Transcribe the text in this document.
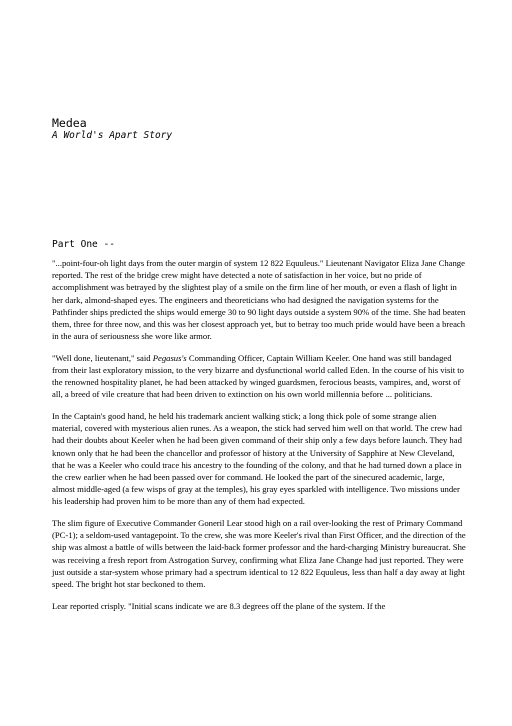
Medea
A World's Apart Story
Part One --

"...point-four-oh light days from the outer margin of system 12 822 Equuleus." Lieutenant Navigator Eliza Jane Change reported. The rest of the bridge crew might have detected a note of satisfaction in her voice, but no pride of accomplishment was betrayed by the slightest play of a smile on the firm line of her mouth, or even a flash of light in her dark, almond-shaped eyes. The engineers and theoreticians who had designed the navigation systems for the Pathfinder ships predicted the ships would emerge 30 to 90 light days outside a system 90% of the time. She had beaten them, three for three now, and this was her closest approach yet, but to betray too much pride would have been a breach in the aura of seriousness she wore like armor.

"Well done, lieutenant," said Pegasus's Commanding Officer, Captain William Keeler. One hand was still bandaged from their last exploratory mission, to the very bizarre and dysfunctional world called Eden. In the course of his visit to the renowned hospitality planet, he had been attacked by winged guardsmen, ferocious beasts, vampires, and, worst of all, a breed of vile creature that had been driven to extinction on his own world millennia before ... politicians.

In the Captain's good hand, he held his trademark ancient walking stick; a long thick pole of some strange alien material, covered with mysterious alien runes. As a weapon, the stick had served him well on that world. The crew had had their doubts about Keeler when he had been given command of their ship only a few days before launch. They had known only that he had been the chancellor and professor of history at the University of Sapphire at New Cleveland, that he was a Keeler who could trace his ancestry to the founding of the colony, and that he had turned down a place in the crew earlier when he had been passed over for command. He looked the part of the sinecured academic, large, almost middle-aged (a few wisps of gray at the temples), his gray eyes sparkled with intelligence. Two missions under his leadership had proven him to be more than any of them had expected.

The slim figure of Executive Commander Goneril Lear stood high on a rail over-looking the rest of Primary Command (PC-1); a seldom-used vantagepoint. To the crew, she was more Keeler's rival than First Officer, and the direction of the ship was almost a battle of wills between the laid-back former professor and the hard-charging Ministry bureaucrat. She was receiving a fresh report from Astrogation Survey, confirming what Eliza Jane Change had just reported. They were just outside a star-system whose primary had a spectrum identical to 12 822 Equuleus, less than half a day away at light speed. The bright hot star beckoned to them.

Lear reported crisply. "Initial scans indicate we are 8.3 degrees off the plane of the system. If the
